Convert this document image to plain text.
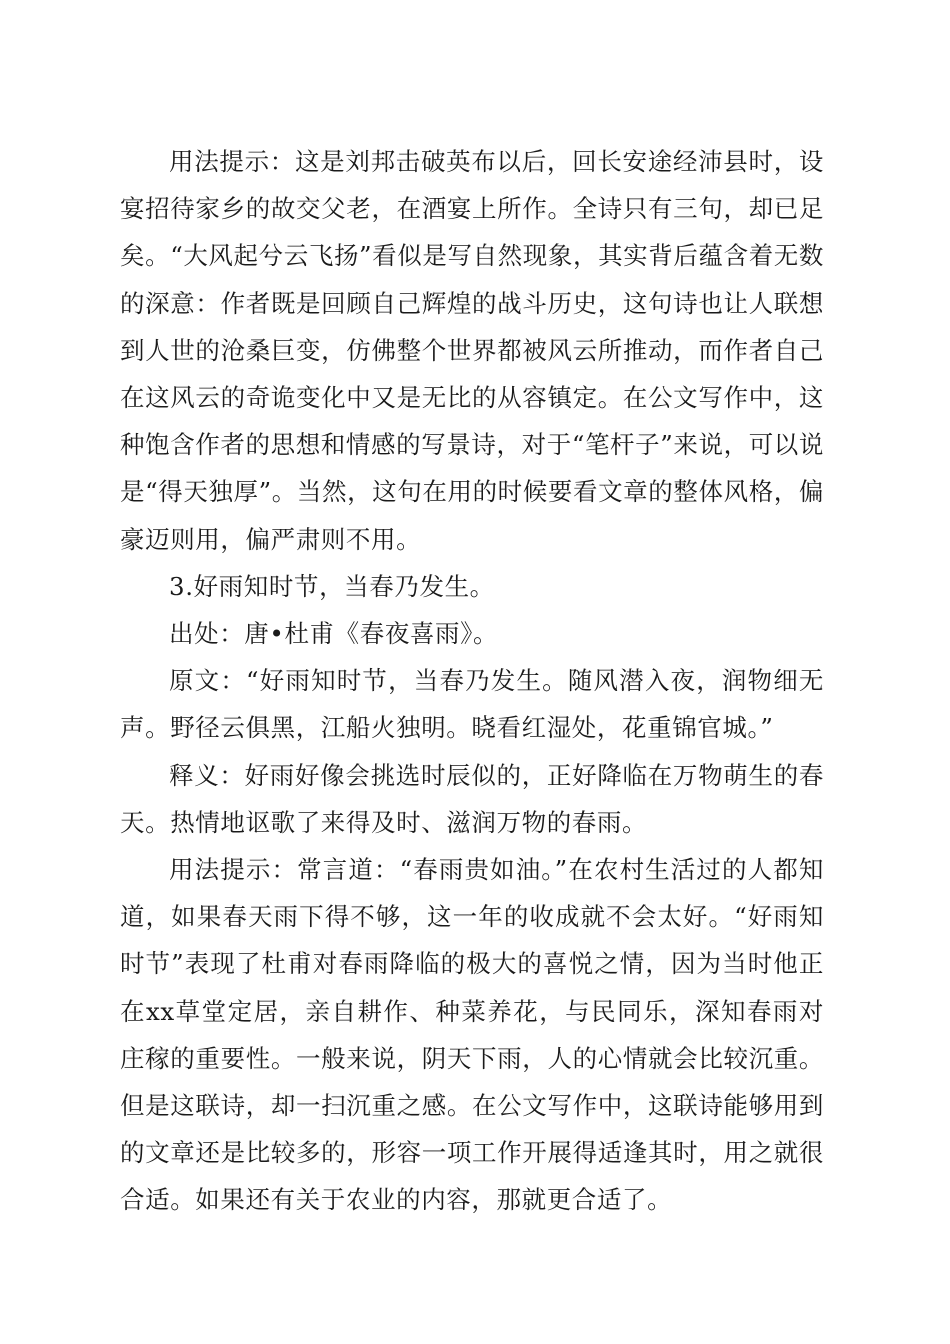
用法提示：这是刘邦击破英布以后，回长安途经沛县时，设宴招待家乡的故交父老，在酒宴上所作。全诗只有三句，却已足矣。“大风起兮云飞扬”看似是写自然现象，其实背后蕴含着无数的深意：作者既是回顾自己辉煌的战斗历史，这句诗也让人联想到人世的沧桑巨变，仿佛整个世界都被风云所推动，而作者自己在这风云的奇诡变化中又是无比的从容镇定。在公文写作中，这种饱含作者的思想和情感的写景诗，对于“笔杆子”来说，可以说是“得天独厚”。当然，这句在用的时候要看文章的整体风格，偏豪迈则用，偏严肃则不用。

3.好雨知时节，当春乃发生。

出处：唐•杜甫《春夜喜雨》。

原文：“好雨知时节，当春乃发生。随风潜入夜，润物细无声。野径云俱黑，江船火独明。晓看红湿处，花重锦官城。”

释义：好雨好像会挑选时辰似的，正好降临在万物萌生的春天。热情地讴歌了来得及时、滋润万物的春雨。

用法提示：常言道：“春雨贵如油。”在农村生活过的人都知道，如果春天雨下得不够，这一年的收成就不会太好。“好雨知时节”表现了杜甫对春雨降临的极大的喜悦之情，因为当时他正在xx草堂定居，亲自耕作、种菜养花，与民同乐，深知春雨对庄稼的重要性。一般来说，阴天下雨，人的心情就会比较沉重。但是这联诗，却一扫沉重之感。在公文写作中，这联诗能够用到的文章还是比较多的，形容一项工作开展得适逢其时，用之就很合适。如果还有关于农业的内容，那就更合适了。
